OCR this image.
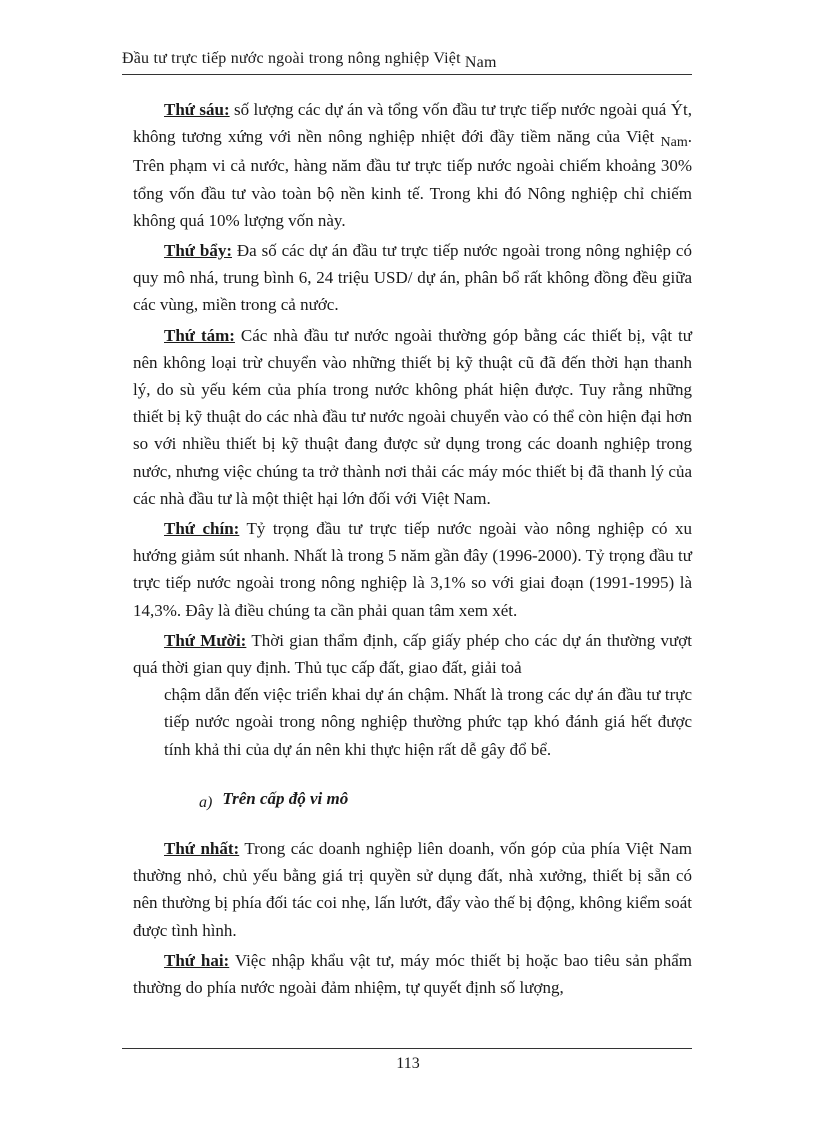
Đầu tư trực tiếp nước ngoài trong nông nghiệp Việt Nam

Thứ sáu: số lượng các dự án và tổng vốn đầu tư trực tiếp nước ngoài quá Ýt, không tương xứng với nền nông nghiệp nhiệt đới đầy tiềm năng của Việt $_{Nam}$. Trên phạm vi cả nước, hàng năm đầu tư trực tiếp nước ngoài chiếm khoảng 30% tổng vốn đầu tư vào toàn bộ nền kinh tế. Trong khi đó Nông nghiệp chỉ chiếm không quá 10% lượng vốn này.

Thứ bẩy: Đa số các dự án đầu tư trực tiếp nước ngoài trong nông nghiệp có quy mô nhá, trung bình 6, 24 triệu USD/ dự án, phân bổ rất không đồng đều giữa các vùng, miền trong cả nước.

Thứ tám: Các nhà đầu tư nước ngoài thường góp bằng các thiết bị, vật tư nên không loại trừ chuyển vào những thiết bị kỹ thuật cũ đã đến thời hạn thanh lý, do sù yếu kém của phía trong nước không phát hiện được. Tuy rằng những thiết bị kỹ thuật do các nhà đầu tư nước ngoài chuyển vào có thể còn hiện đại hơn so với nhiều thiết bị kỹ thuật đang được sử dụng trong các doanh nghiệp trong nước, nhưng việc chúng ta trở thành nơi thải các máy móc thiết bị đã thanh lý của các nhà đầu tư là một thiệt hại lớn đối với Việt Nam.

Thứ chín: Tỷ trọng đầu tư trực tiếp nước ngoài vào nông nghiệp có xu hướng giảm sút nhanh. Nhất là trong 5 năm gần đây (1996-2000). Tỷ trọng đầu tư trực tiếp nước ngoài trong nông nghiệp là 3,1% so với giai đoạn (1991-1995) là 14,3%. Đây là điều chúng ta cần phải quan tâm xem xét.

Thứ Mười: Thời gian thẩm định, cấp giấy phép cho các dự án thường vượt quá thời gian quy định. Thủ tục cấp đất, giao đất, giải toả
chậm dẫn đến việc triển khai dự án chậm. Nhất là trong các dự án đầu tư trực tiếp nước ngoài trong nông nghiệp thường phức tạp khó đánh giá hết được tính khả thi của dự án nên khi thực hiện rất dễ gây đổ bể.

a) Trên cấp độ vi mô

Thứ nhất: Trong các doanh nghiệp liên doanh, vốn góp của phía Việt Nam thường nhỏ, chủ yếu bằng giá trị quyền sử dụng đất, nhà xưởng, thiết bị sẵn có nên thường bị phía đối tác coi nhẹ, lấn lướt, đẩy vào thế bị động, không kiểm soát được tình hình.

Thứ hai: Việc nhập khẩu vật tư, máy móc thiết bị hoặc bao tiêu sản phẩm thường do phía nước ngoài đảm nhiệm, tự quyết định số lượng,

113
